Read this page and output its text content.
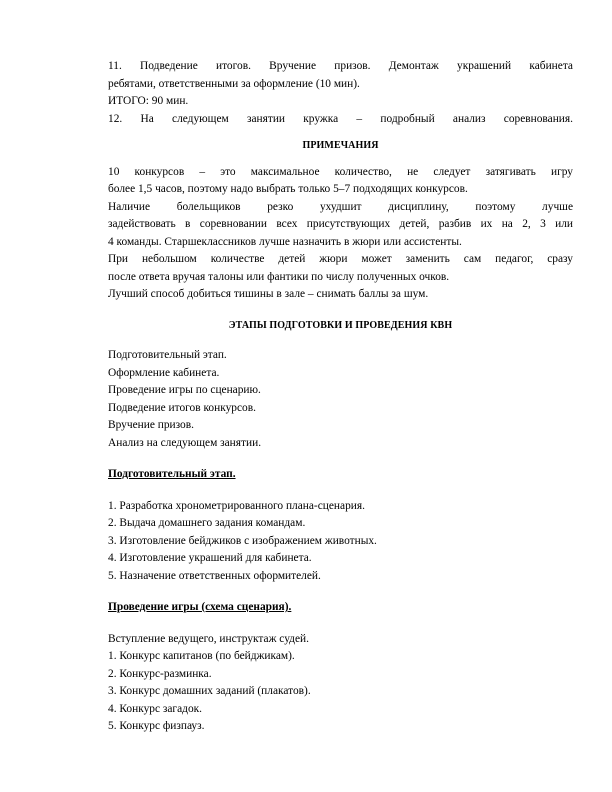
11. Подведение итогов. Вручение призов. Демонтаж украшений кабинета
ребятами, ответственными за оформление (10 мин).
ИТОГО: 90 мин.
12. На следующем занятии кружка – подробный анализ соревнования.
ПРИМЕЧАНИЯ
10 конкурсов – это максимальное количество, не следует затягивать игру
более 1,5 часов, поэтому надо выбрать только 5–7 подходящих конкурсов.
Наличие болельщиков резко ухудшит дисциплину, поэтому лучше
задействовать в соревновании всех присутствующих детей, разбив их на 2, 3 или
4 команды. Старшеклассников лучше назначить в жюри или ассистенты.
При небольшом количестве детей жюри может заменить сам педагог, сразу
после ответа вручая талоны или фантики по числу полученных очков.
Лучший способ добиться тишины в зале – снимать баллы за шум.
ЭТАПЫ ПОДГОТОВКИ И ПРОВЕДЕНИЯ КВН
Подготовительный этап.
Оформление кабинета.
Проведение игры по сценарию.
Подведение итогов конкурсов.
Вручение призов.
Анализ на следующем занятии.
Подготовительный этап.
1. Разработка хронометрированного плана-сценария.
2. Выдача домашнего задания командам.
3. Изготовление бейджиков с изображением животных.
4. Изготовление украшений для кабинета.
5. Назначение ответственных оформителей.
Проведение игры (схема сценария).
Вступление ведущего, инструктаж судей.
1. Конкурс капитанов (по бейджикам).
2. Конкурс-разминка.
3. Конкурс домашних заданий (плакатов).
4. Конкурс загадок.
5. Конкурс физпауз.
